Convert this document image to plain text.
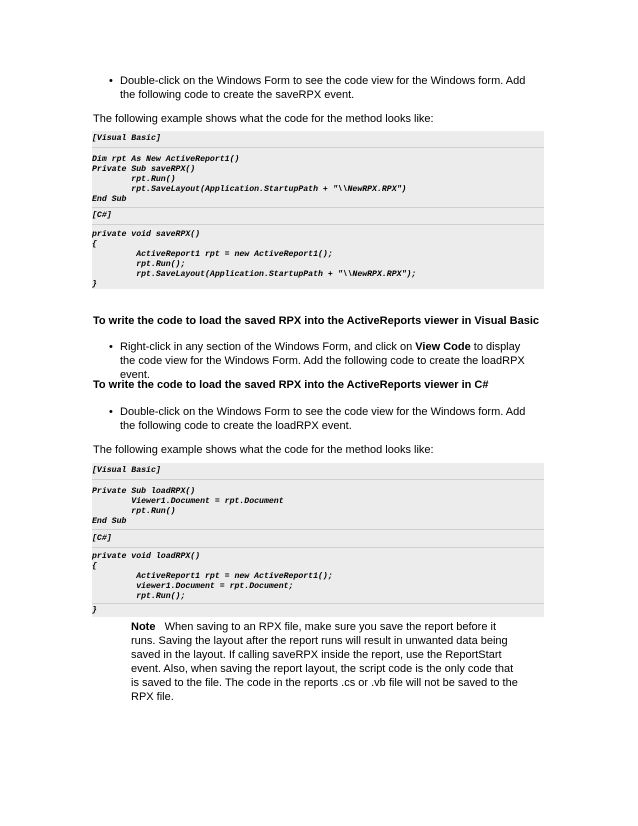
• Double-click on the Windows Form to see the code view for the Windows form. Add the following code to create the saveRPX event.
The following example shows what the code for the method looks like:
[Visual Basic]
Dim rpt As New ActiveReport1()
Private Sub saveRPX()
rpt.Run()
rpt.SaveLayout(Application.StartupPath + "\\NewRPX.RPX")
End Sub
[C#]
private void saveRPX()
{
ActiveReport1 rpt = new ActiveReport1();
rpt.Run();
rpt.SaveLayout(Application.StartupPath + "\\NewRPX.RPX");
}
To write the code to load the saved RPX into the ActiveReports viewer in Visual Basic
• Right-click in any section of the Windows Form, and click on View Code to display the code view for the Windows Form. Add the following code to create the loadRPX event.
To write the code to load the saved RPX into the ActiveReports viewer in C#
• Double-click on the Windows Form to see the code view for the Windows form. Add the following code to create the loadRPX event.
The following example shows what the code for the method looks like:
[Visual Basic]
Private Sub loadRPX()
Viewer1.Document = rpt.Document
rpt.Run()
End Sub
[C#]
private void loadRPX()
{
ActiveReport1 rpt = new ActiveReport1();
viewer1.Document = rpt.Document;
rpt.Run();
}
Note When saving to an RPX file, make sure you save the report before it runs. Saving the layout after the report runs will result in unwanted data being saved in the layout. If calling saveRPX inside the report, use the ReportStart event. Also, when saving the report layout, the script code is the only code that is saved to the file. The code in the reports .cs or .vb file will not be saved to the RPX file.
